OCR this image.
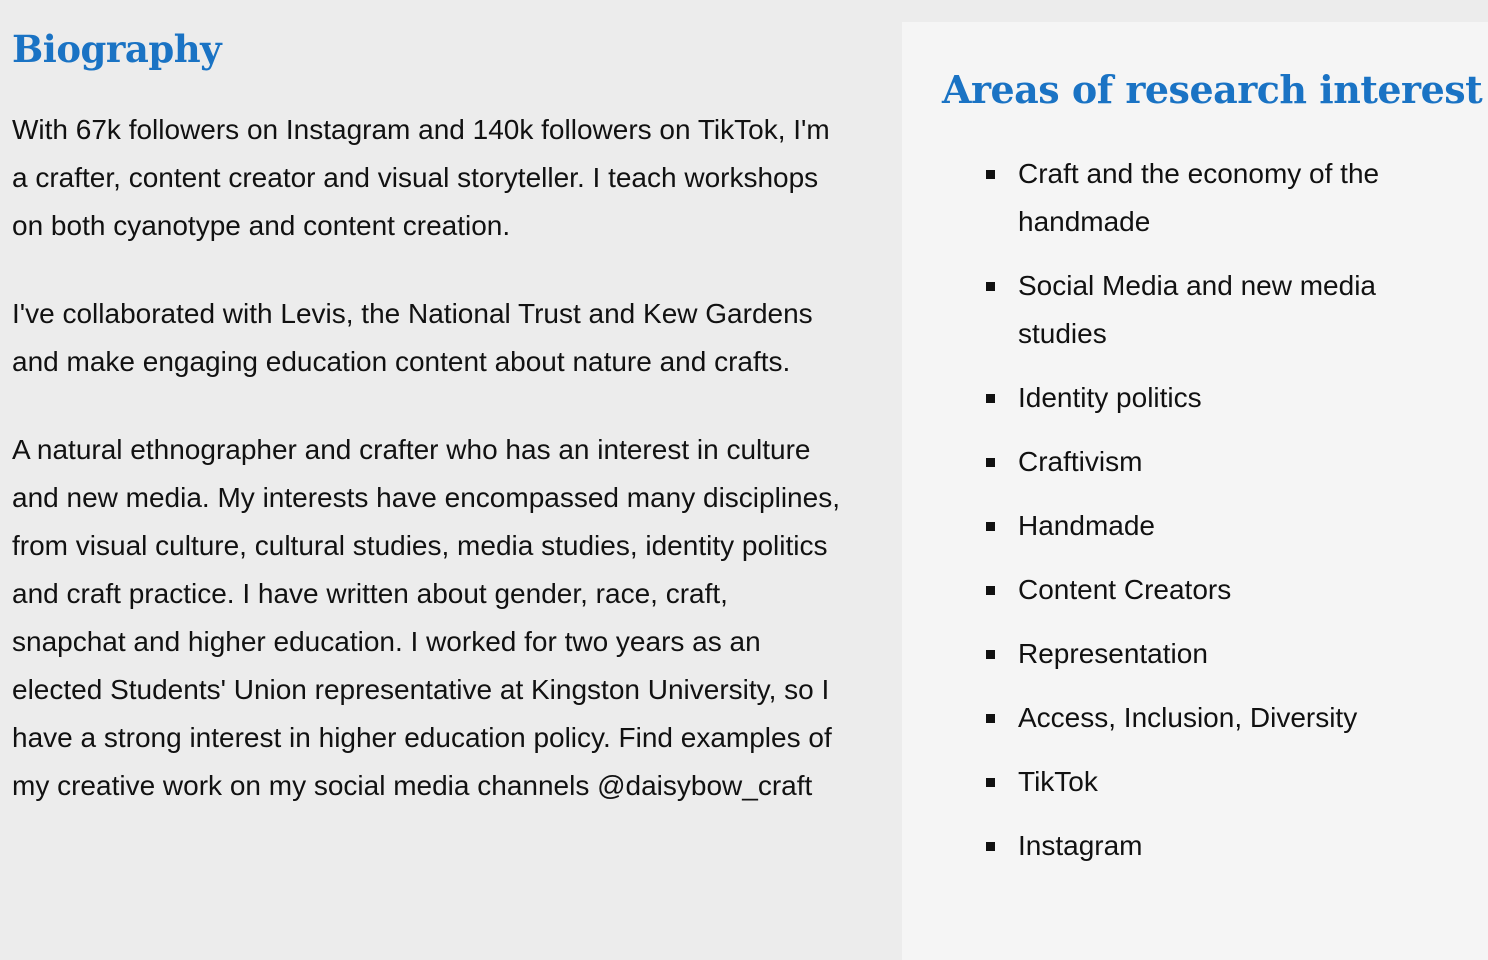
Biography

With 67k followers on Instagram and 140k followers on TikTok, I'm a crafter, content creator and visual storyteller. I teach workshops on both cyanotype and content creation.

I've collaborated with Levis, the National Trust and Kew Gardens and make engaging education content about nature and crafts.

A natural ethnographer and crafter who has an interest in culture and new media. My interests have encompassed many disciplines, from visual culture, cultural studies, media studies, identity politics and craft practice. I have written about gender, race, craft, snapchat and higher education. I worked for two years as an elected Students' Union representative at Kingston University, so I have a strong interest in higher education policy. Find examples of my creative work on my social media channels @daisybow_craft

Areas of research interest
Craft and the economy of the handmade
Social Media and new media studies
Identity politics
Craftivism
Handmade
Content Creators
Representation
Access, Inclusion, Diversity
TikTok
Instagram
